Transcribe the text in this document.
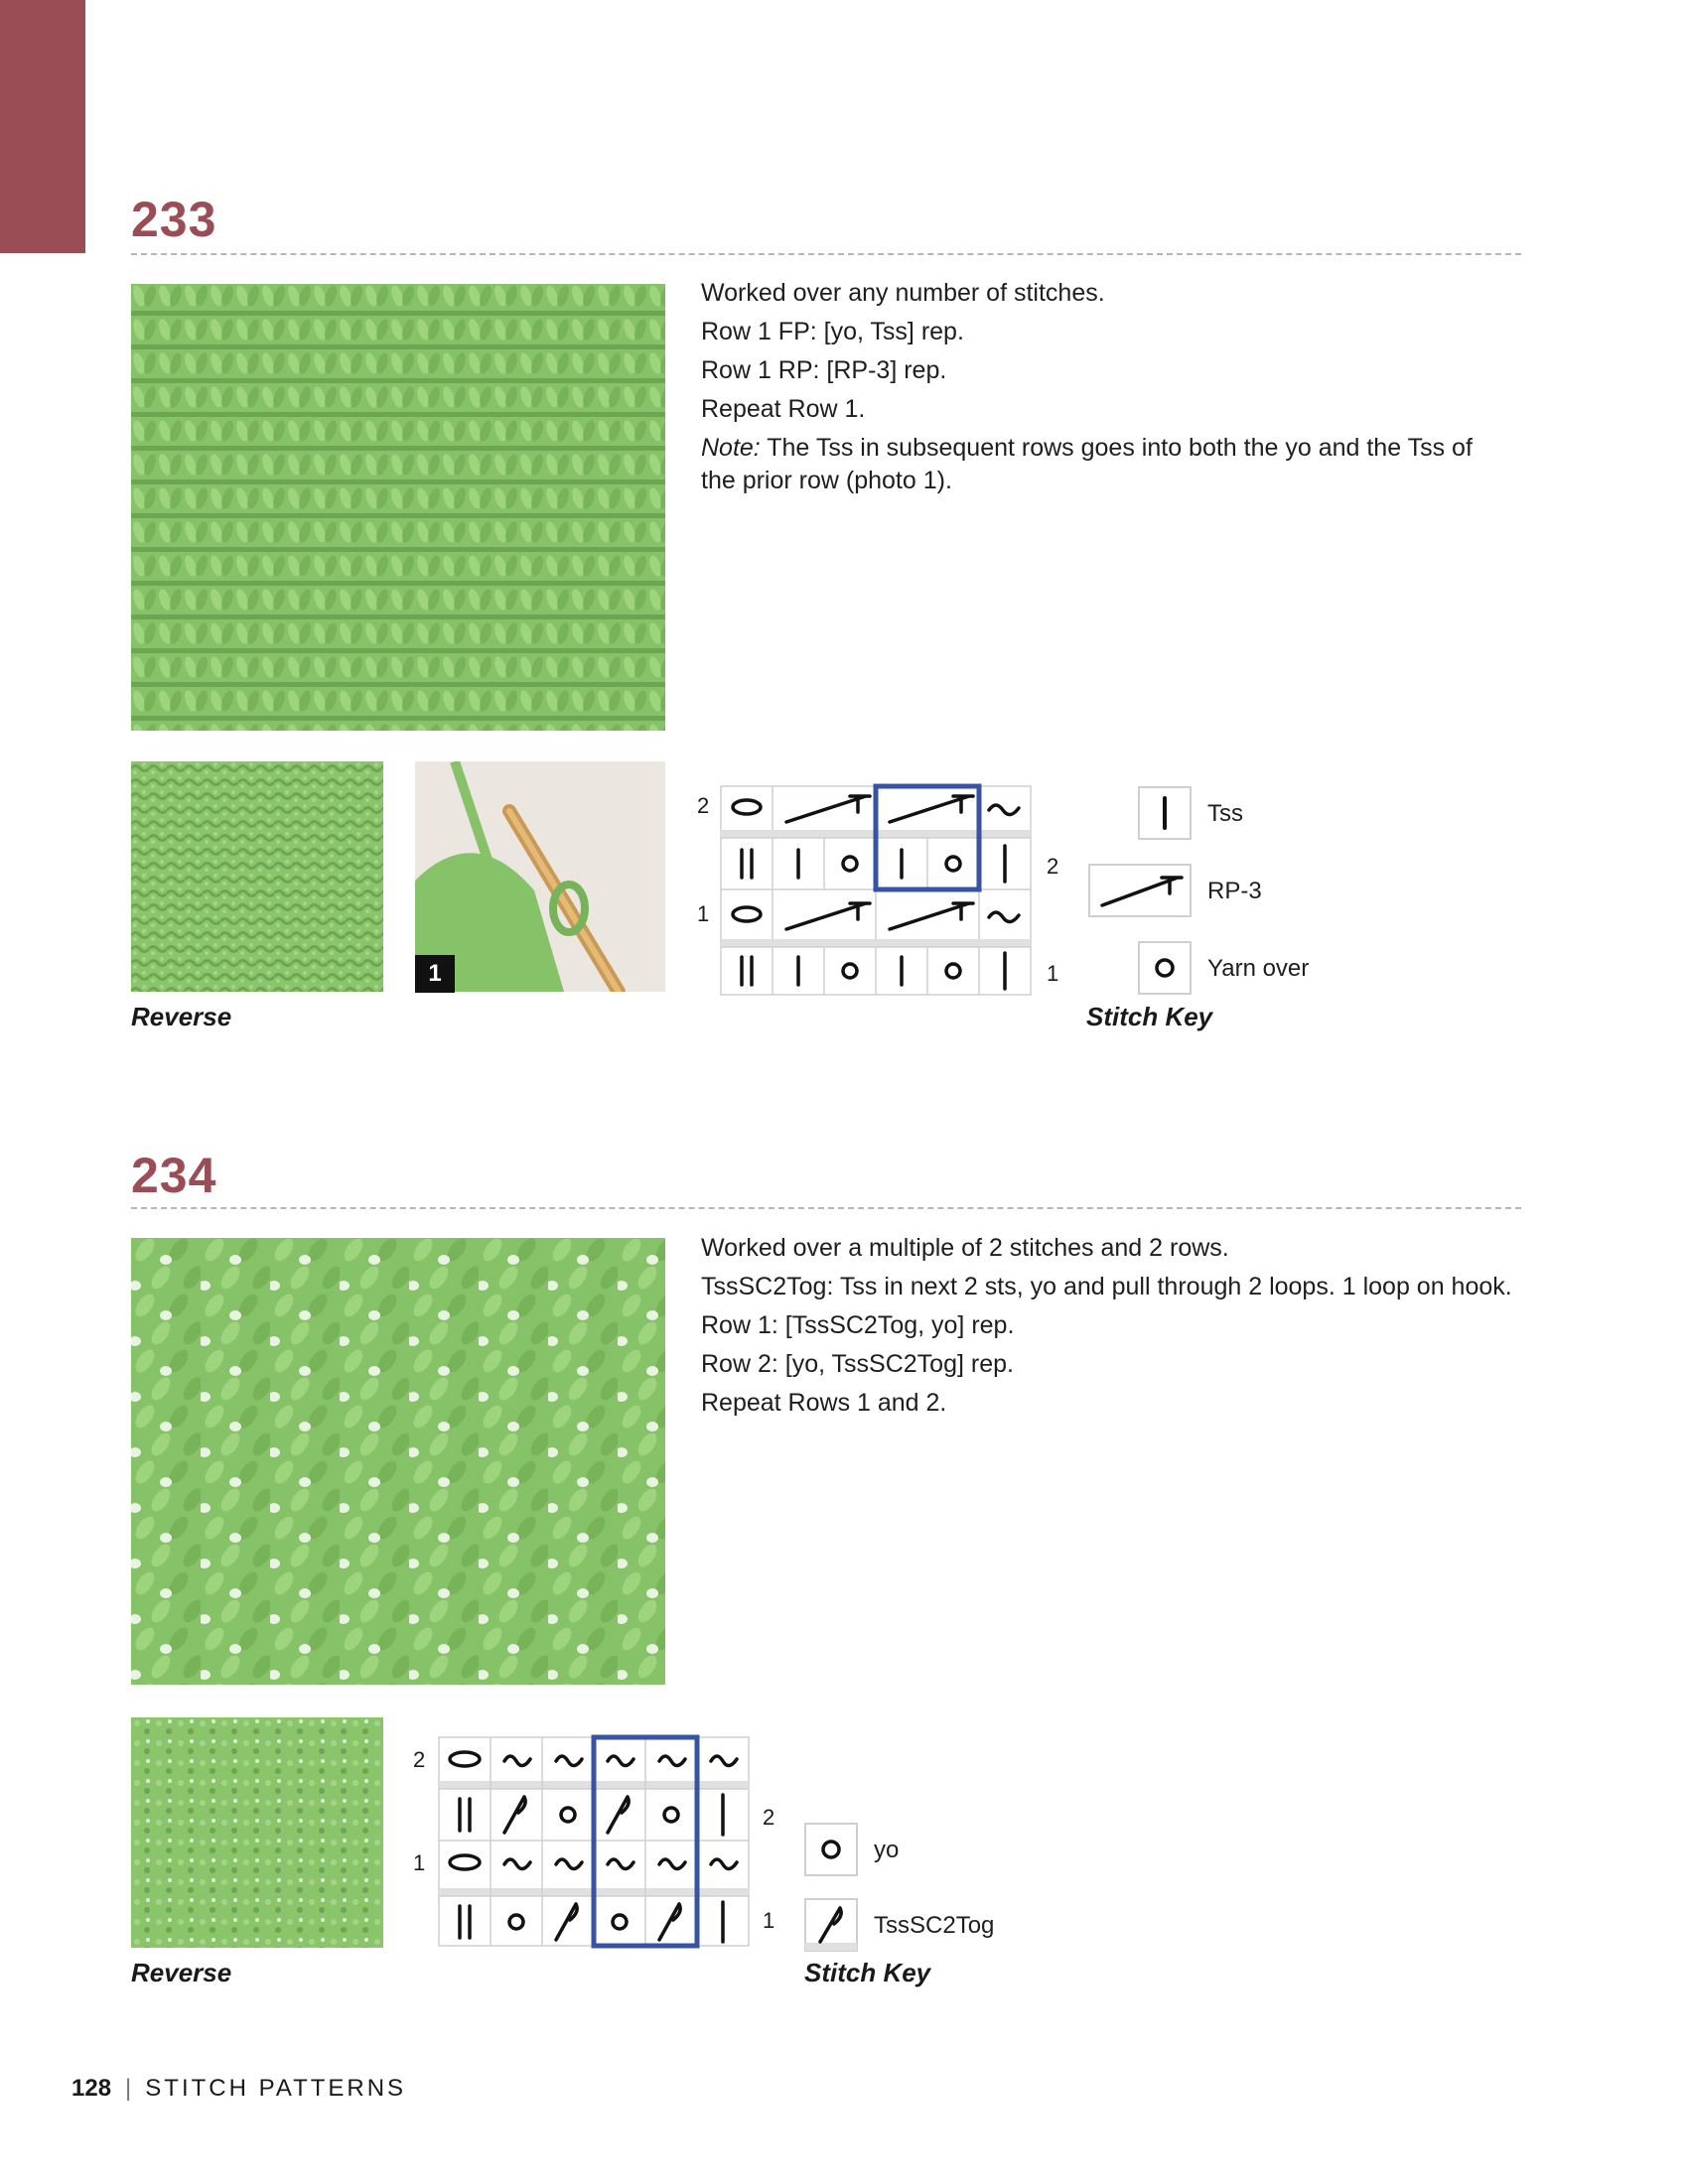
233

Worked over any number of stitches.

Row 1 FP: [yo, Tss] rep.

Row 1 RP: [RP-3] rep.

Repeat Row 1.

Note: The Tss in subsequent rows goes into both the yo and the Tss of the prior row (photo 1).

Reverse
1
2
1
2
1
Tss
RP-3
Yarn over
Stitch Key
234

Worked over a multiple of 2 stitches and 2 rows.

TssSC2Tog: Tss in next 2 sts, yo and pull through 2 loops. 1 loop on hook.

Row 1: [TssSC2Tog, yo] rep.

Row 2: [yo, TssSC2Tog] rep.

Repeat Rows 1 and 2.

Reverse
2
1
2
1
yo
TssSC2Tog
Stitch Key
128 | STITCH PATTERNS
